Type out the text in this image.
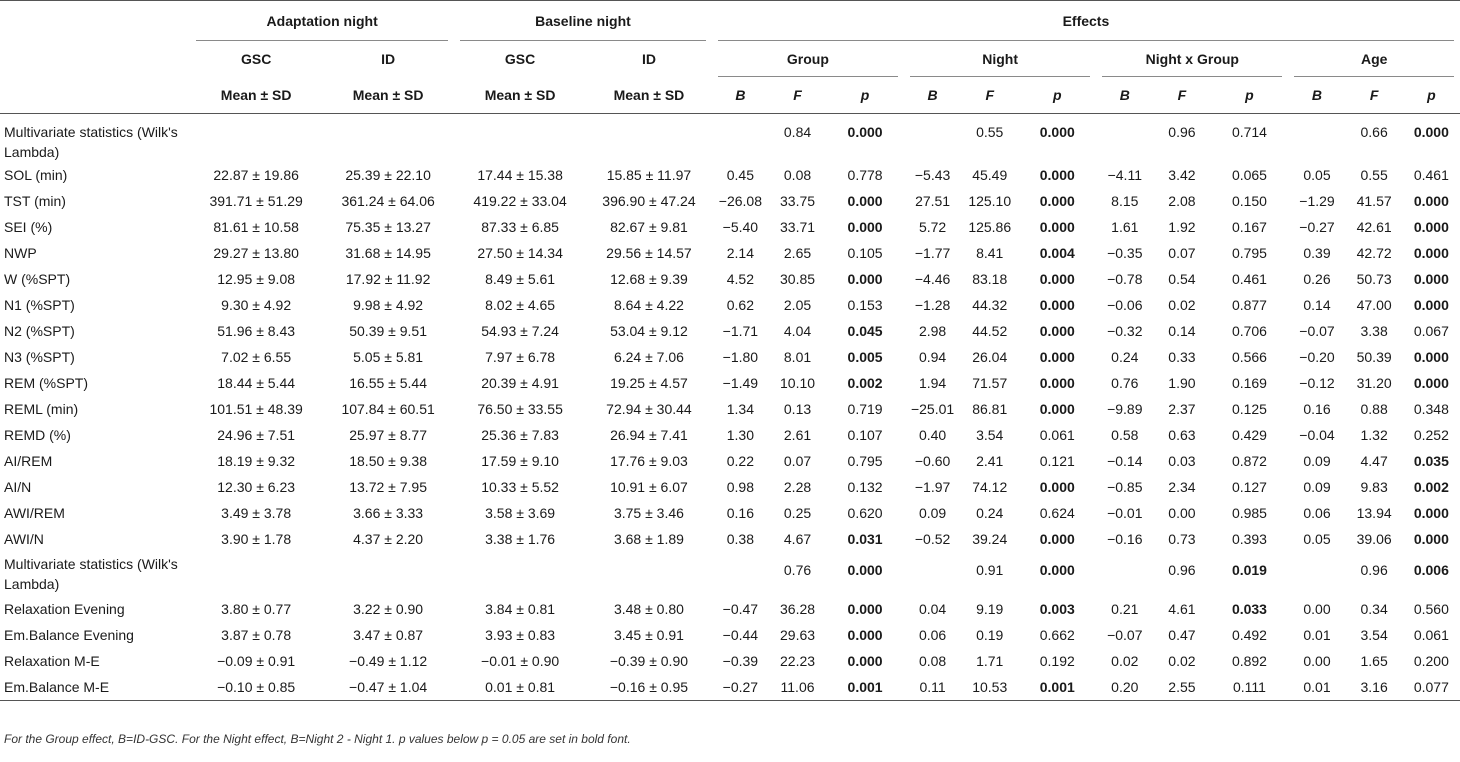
	Adaptation night		Baseline night		Effects											
	GSC	ID	GSC	ID	Group			Night			Night x Group			Age		
	Mean ± SD	Mean ± SD	Mean ± SD	Mean ± SD	B	F	p	B	F	p	B	F	p	B	F	p
Multivariate statistics (Wilk's Lambda)						0.84	0.000		0.55	0.000		0.96	0.714		0.66	0.000
SOL (min)	22.87 ± 19.86	25.39 ± 22.10	17.44 ± 15.38	15.85 ± 11.97	0.45	0.08	0.778	−5.43	45.49	0.000	−4.11	3.42	0.065	0.05	0.55	0.461
TST (min)	391.71 ± 51.29	361.24 ± 64.06	419.22 ± 33.04	396.90 ± 47.24	−26.08	33.75	0.000	27.51	125.10	0.000	8.15	2.08	0.150	−1.29	41.57	0.000
SEI (%)	81.61 ± 10.58	75.35 ± 13.27	87.33 ± 6.85	82.67 ± 9.81	−5.40	33.71	0.000	5.72	125.86	0.000	1.61	1.92	0.167	−0.27	42.61	0.000
NWP	29.27 ± 13.80	31.68 ± 14.95	27.50 ± 14.34	29.56 ± 14.57	2.14	2.65	0.105	−1.77	8.41	0.004	−0.35	0.07	0.795	0.39	42.72	0.000
W (%SPT)	12.95 ± 9.08	17.92 ± 11.92	8.49 ± 5.61	12.68 ± 9.39	4.52	30.85	0.000	−4.46	83.18	0.000	−0.78	0.54	0.461	0.26	50.73	0.000
N1 (%SPT)	9.30 ± 4.92	9.98 ± 4.92	8.02 ± 4.65	8.64 ± 4.22	0.62	2.05	0.153	−1.28	44.32	0.000	−0.06	0.02	0.877	0.14	47.00	0.000
N2 (%SPT)	51.96 ± 8.43	50.39 ± 9.51	54.93 ± 7.24	53.04 ± 9.12	−1.71	4.04	0.045	2.98	44.52	0.000	−0.32	0.14	0.706	−0.07	3.38	0.067
N3 (%SPT)	7.02 ± 6.55	5.05 ± 5.81	7.97 ± 6.78	6.24 ± 7.06	−1.80	8.01	0.005	0.94	26.04	0.000	0.24	0.33	0.566	−0.20	50.39	0.000
REM (%SPT)	18.44 ± 5.44	16.55 ± 5.44	20.39 ± 4.91	19.25 ± 4.57	−1.49	10.10	0.002	1.94	71.57	0.000	0.76	1.90	0.169	−0.12	31.20	0.000
REML (min)	101.51 ± 48.39	107.84 ± 60.51	76.50 ± 33.55	72.94 ± 30.44	1.34	0.13	0.719	−25.01	86.81	0.000	−9.89	2.37	0.125	0.16	0.88	0.348
REMD (%)	24.96 ± 7.51	25.97 ± 8.77	25.36 ± 7.83	26.94 ± 7.41	1.30	2.61	0.107	0.40	3.54	0.061	0.58	0.63	0.429	−0.04	1.32	0.252
AI/REM	18.19 ± 9.32	18.50 ± 9.38	17.59 ± 9.10	17.76 ± 9.03	0.22	0.07	0.795	−0.60	2.41	0.121	−0.14	0.03	0.872	0.09	4.47	0.035
AI/N	12.30 ± 6.23	13.72 ± 7.95	10.33 ± 5.52	10.91 ± 6.07	0.98	2.28	0.132	−1.97	74.12	0.000	−0.85	2.34	0.127	0.09	9.83	0.002
AWI/REM	3.49 ± 3.78	3.66 ± 3.33	3.58 ± 3.69	3.75 ± 3.46	0.16	0.25	0.620	0.09	0.24	0.624	−0.01	0.00	0.985	0.06	13.94	0.000
AWI/N	3.90 ± 1.78	4.37 ± 2.20	3.38 ± 1.76	3.68 ± 1.89	0.38	4.67	0.031	−0.52	39.24	0.000	−0.16	0.73	0.393	0.05	39.06	0.000
Multivariate statistics (Wilk's Lambda)						0.76	0.000		0.91	0.000		0.96	0.019		0.96	0.006
Relaxation Evening	3.80 ± 0.77	3.22 ± 0.90	3.84 ± 0.81	3.48 ± 0.80	−0.47	36.28	0.000	0.04	9.19	0.003	0.21	4.61	0.033	0.00	0.34	0.560
Em.Balance Evening	3.87 ± 0.78	3.47 ± 0.87	3.93 ± 0.83	3.45 ± 0.91	−0.44	29.63	0.000	0.06	0.19	0.662	−0.07	0.47	0.492	0.01	3.54	0.061
Relaxation M-E	−0.09 ± 0.91	−0.49 ± 1.12	−0.01 ± 0.90	−0.39 ± 0.90	−0.39	22.23	0.000	0.08	1.71	0.192	0.02	0.02	0.892	0.00	1.65	0.200
Em.Balance M-E	−0.10 ± 0.85	−0.47 ± 1.04	0.01 ± 0.81	−0.16 ± 0.95	−0.27	11.06	0.001	0.11	10.53	0.001	0.20	2.55	0.111	0.01	3.16	0.077
For the Group effect, B=ID-GSC. For the Night effect, B=Night 2 - Night 1. p values below p = 0.05 are set in bold font.
